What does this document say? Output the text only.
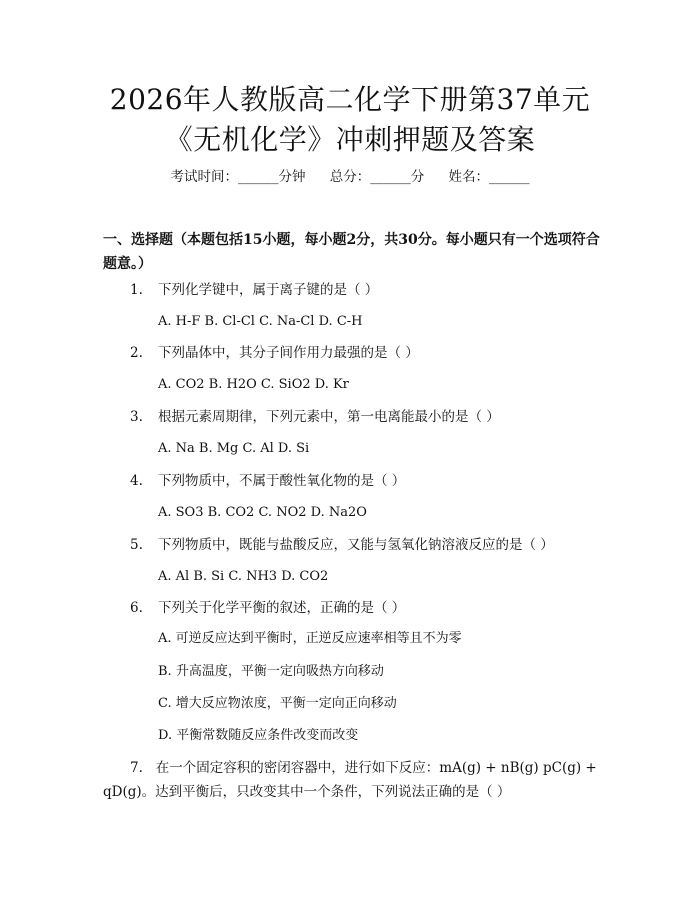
2026年人教版高二化学下册第37单元《无机化学》冲刺押题及答案
考试时间：______分钟 总分：______分 姓名：______
一、选择题（本题包括15小题，每小题2分，共30分。每小题只有一个选项符合题意。）
1. 下列化学键中，属于离子键的是（ ）
A. H-F B. Cl-Cl C. Na-Cl D. C-H
2. 下列晶体中，其分子间作用力最强的是（ ）
A. CO2 B. H2O C. SiO2 D. Kr
3. 根据元素周期律，下列元素中，第一电离能最小的是（ ）
A. Na B. Mg C. Al D. Si
4. 下列物质中，不属于酸性氧化物的是（ ）
A. SO3 B. CO2 C. NO2 D. Na2O
5. 下列物质中，既能与盐酸反应，又能与氢氧化钠溶液反应的是（ ）
A. Al B. Si C. NH3 D. CO2
6. 下列关于化学平衡的叙述，正确的是（ ）
A. 可逆反应达到平衡时，正逆反应速率相等且不为零
B. 升高温度，平衡一定向吸热方向移动
C. 增大反应物浓度，平衡一定向正向移动
D. 平衡常数随反应条件改变而改变
7. 在一个固定容积的密闭容器中，进行如下反应：mA(g) + nB(g) pC(g) + qD(g)。达到平衡后，只改变其中一个条件，下列说法正确的是（ ）
